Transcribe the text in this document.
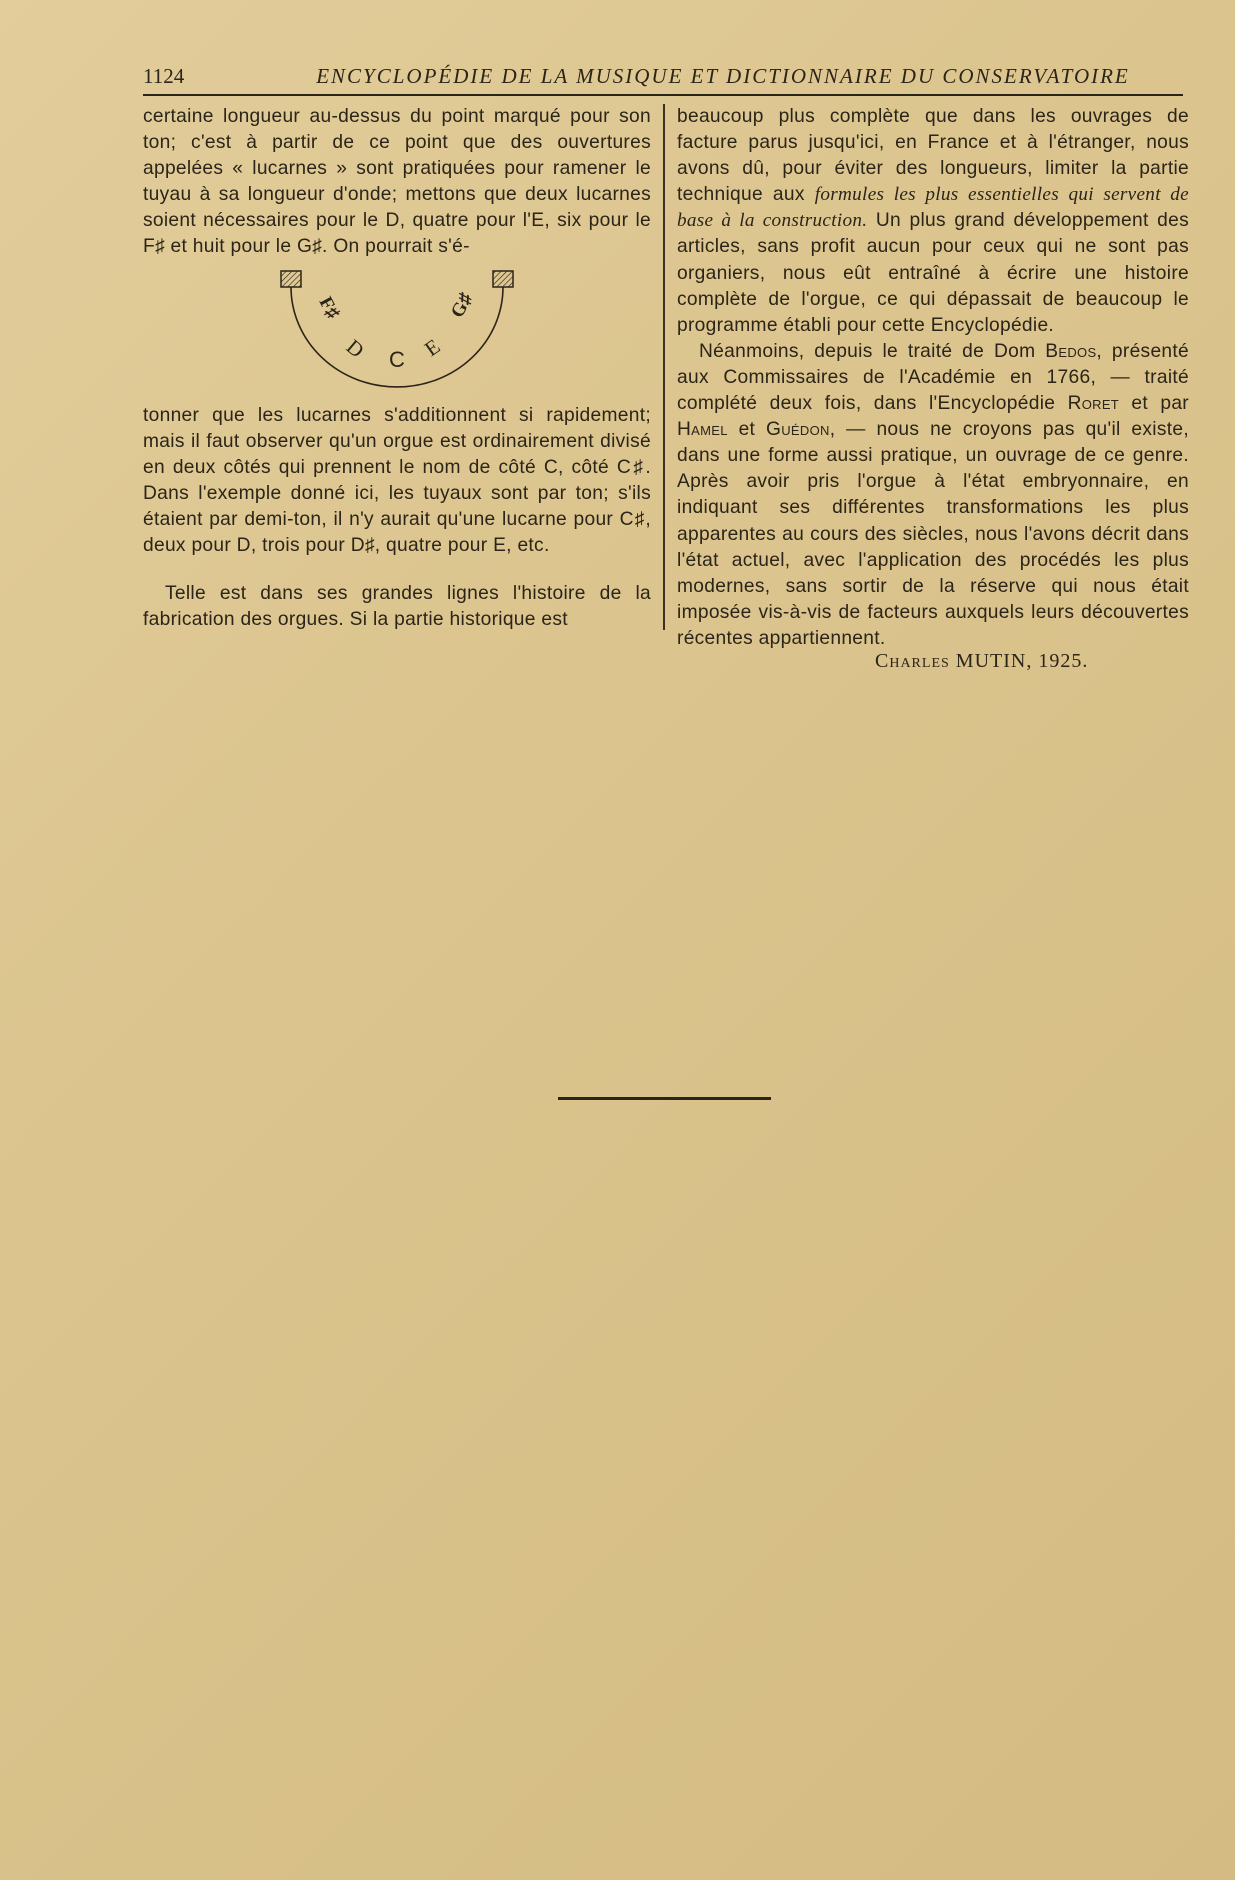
1124	ENCYCLOPÉDIE DE LA MUSIQUE ET DICTIONNAIRE DU CONSERVATOIRE

certaine longueur au-dessus du point marqué pour son ton; c'est à partir de ce point que des ouvertures appelées « lucarnes » sont pratiquées pour ramener le tuyau à sa longueur d'onde; mettons que deux lucarnes soient nécessaires pour le D, quatre pour l'E, six pour le F♯ et huit pour le G♯. On pourrait s'é-

F♯
D C E
G♯

tonner que les lucarnes s'additionnent si rapidement; mais il faut observer qu'un orgue est ordinairement divisé en deux côtés qui prennent le nom de côté C, côté C♯. Dans l'exemple donné ici, les tuyaux sont par ton; s'ils étaient par demi-ton, il n'y aurait qu'une lucarne pour C♯, deux pour D, trois pour D♯, quatre pour E, etc.

Telle est dans ses grandes lignes l'histoire de la fabrication des orgues. Si la partie historique est

beaucoup plus complète que dans les ouvrages de facture parus jusqu'ici, en France et à l'étranger, nous avons dû, pour éviter des longueurs, limiter la partie technique aux formules les plus essentielles qui servent de base à la construction. Un plus grand développement des articles, sans profit aucun pour ceux qui ne sont pas organiers, nous eût entraîné à écrire une histoire complète de l'orgue, ce qui dépassait de beaucoup le programme établi pour cette Encyclopédie.

Néanmoins, depuis le traité de Dom Bedos, présenté aux Commissaires de l'Académie en 1766, — traité complété deux fois, dans l'Encyclopédie Roret et par Hamel et Guédon, — nous ne croyons pas qu'il existe, dans une forme aussi pratique, un ouvrage de ce genre. Après avoir pris l'orgue à l'état embryonnaire, en indiquant ses différentes transformations les plus apparentes au cours des siècles, nous l'avons décrit dans l'état actuel, avec l'application des procédés les plus modernes, sans sortir de la réserve qui nous était imposée vis-à-vis de facteurs auxquels leurs découvertes récentes appartiennent.

Charles MUTIN, 1925.
